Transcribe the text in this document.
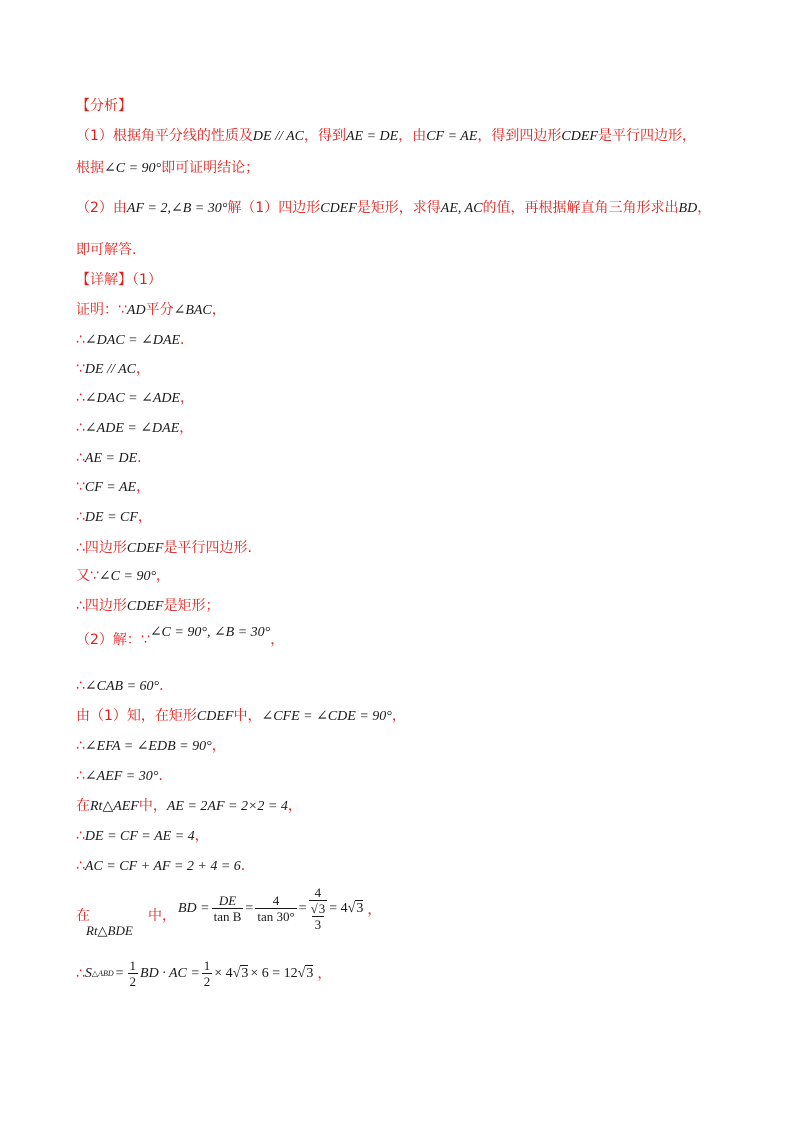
【分析】
（1）根据角平分线的性质及DE // AC，得到AE = DE，由CF = AE，得到四边形CDEF是平行四边形，
根据∠C = 90°即可证明结论；
（2）由AF = 2,∠B = 30°解（1）四边形CDEF是矩形，求得AE, AC的值，再根据解直角三角形求出BD，
即可解答.
【详解】（1）
证明：∵AD平分∠BAC，
∴∠DAC = ∠DAE.
∵DE // AC，
∴∠DAC = ∠ADE，
∴∠ADE = ∠DAE，
∴AE = DE.
∵CF = AE，
∴DE = CF，
∴四边形CDEF是平行四边形.
又∵∠C = 90°，
∴四边形CDEF是矩形；
（2）解：∵∠C = 90°, ∠B = 30°，
∴∠CAB = 60°.
由（1）知，在矩形CDEF中，∠CFE = ∠CDE = 90°，
∴∠EFA = ∠EDB = 90°，
∴∠AEF = 30°.
在Rt△AEF中，AE = 2AF = 2×2 = 4，
∴DE = CF = AE = 4，
∴AC = CF + AF = 2 + 4 = 6.
在	中，
Rt△BDE
BD = $\frac{DE}{\text{tan B}} = \frac{4}{\tan 30^\circ} = 4$
√3
3 = 4 √3 ，
∴ S △ABD = $\frac{1}{2}$ BD · AC = $\frac{1}{2} \times 4$ √3 × 6 = 12 √3 ，
